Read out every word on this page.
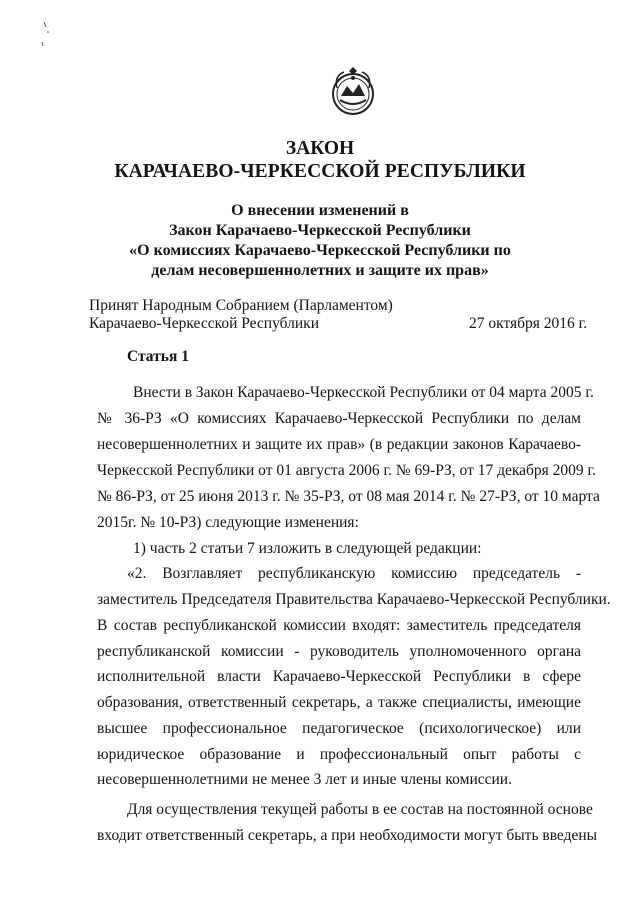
ЗАКОН
КАРАЧАЕВО-ЧЕРКЕССКОЙ РЕСПУБЛИКИ
О внесении изменений в
Закон Карачаево-Черкесской Республики
«О комиссиях Карачаево-Черкесской Республики по
делам несовершеннолетних и защите их прав»
Принят Народным Собранием (Парламентом)
Карачаево-Черкесской Республики	27 октября 2016 г.
Статья 1
Внести в Закон Карачаево-Черкесской Республики от 04 марта 2005 г.
№ 36-РЗ «О комиссиях Карачаево-Черкесской Республики по делам
несовершеннолетних и защите их прав» (в редакции законов Карачаево-
Черкесской Республики от 01 августа 2006 г. № 69-РЗ, от 17 декабря 2009 г.
№ 86-РЗ, от 25 июня 2013 г. № 35-РЗ, от 08 мая 2014 г. № 27-РЗ, от 10 марта
2015г. № 10-РЗ) следующие изменения:
1) часть 2 статьи 7 изложить в следующей редакции:
«2. Возглавляет республиканскую комиссию председатель -
заместитель Председателя Правительства Карачаево-Черкесской Республики.
В состав республиканской комиссии входят: заместитель председателя
республиканской комиссии - руководитель уполномоченного органа
исполнительной власти Карачаево-Черкесской Республики в сфере
образования, ответственный секретарь, а также специалисты, имеющие
высшее профессиональное педагогическое (психологическое) или
юридическое образование и профессиональный опыт работы с
несовершеннолетними не менее 3 лет и иные члены комиссии.
Для осуществления текущей работы в ее состав на постоянной основе
входит ответственный секретарь, а при необходимости могут быть введены
